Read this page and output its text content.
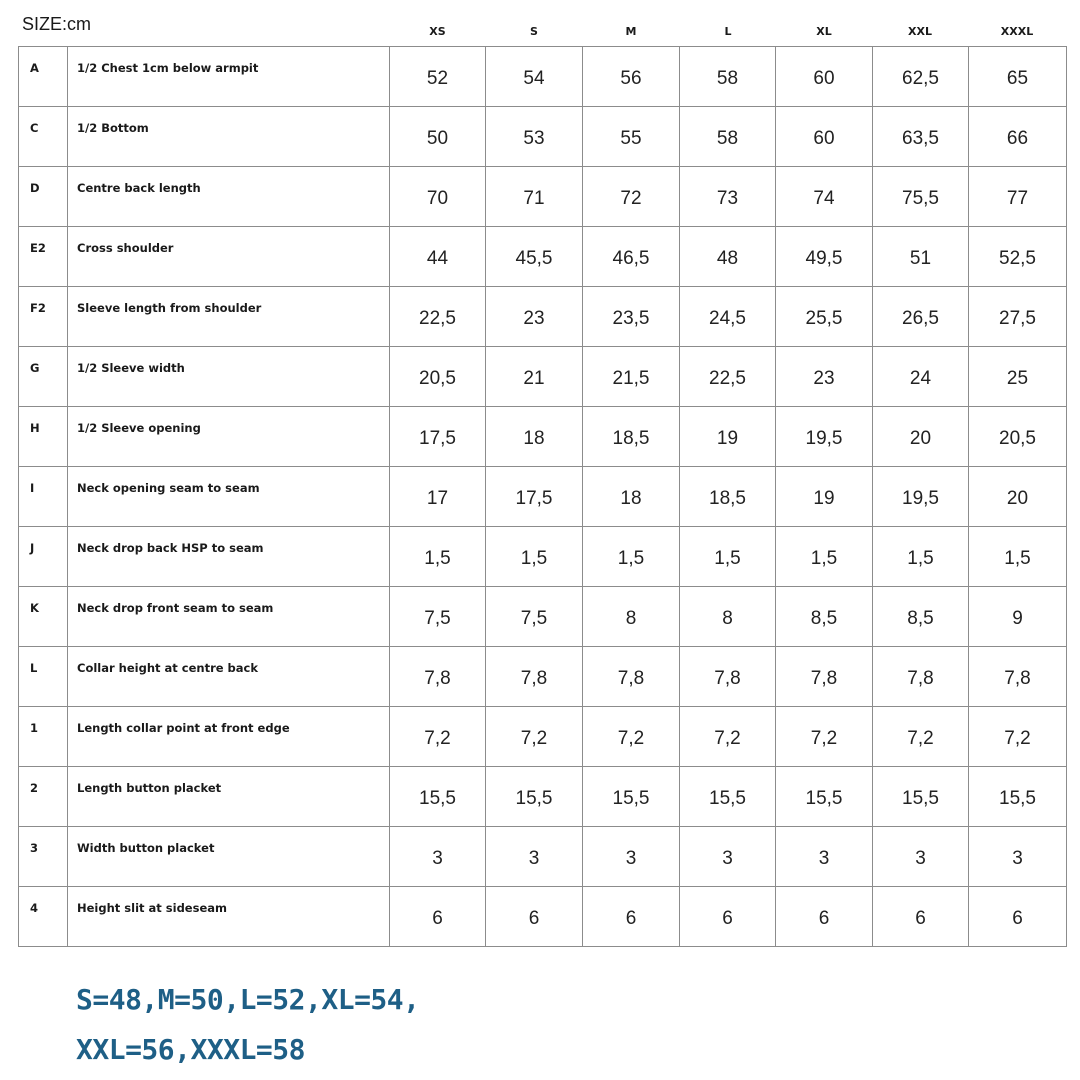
SIZE:cm	XS	S	M	L	XL	XXL	XXXL
A	1/2 Chest 1cm below armpit	52	54	56	58	60	62,5	65
C	1/2 Bottom	50	53	55	58	60	63,5	66
D	Centre back length	70	71	72	73	74	75,5	77
E2	Cross shoulder	44	45,5	46,5	48	49,5	51	52,5
F2	Sleeve length from shoulder	22,5	23	23,5	24,5	25,5	26,5	27,5
G	1/2 Sleeve width	20,5	21	21,5	22,5	23	24	25
H	1/2 Sleeve opening	17,5	18	18,5	19	19,5	20	20,5
I	Neck opening seam to seam	17	17,5	18	18,5	19	19,5	20
J	Neck drop back HSP to seam	1,5	1,5	1,5	1,5	1,5	1,5	1,5
K	Neck drop front seam to seam	7,5	7,5	8	8	8,5	8,5	9
L	Collar height at centre back	7,8	7,8	7,8	7,8	7,8	7,8	7,8
1	Length collar point at front edge	7,2	7,2	7,2	7,2	7,2	7,2	7,2
2	Length button placket	15,5	15,5	15,5	15,5	15,5	15,5	15,5
3	Width button placket	3	3	3	3	3	3	3
4	Height slit at sideseam	6	6	6	6	6	6	6
S=48,M=50,L=52,XL=54,
XXL=56,XXXL=58
